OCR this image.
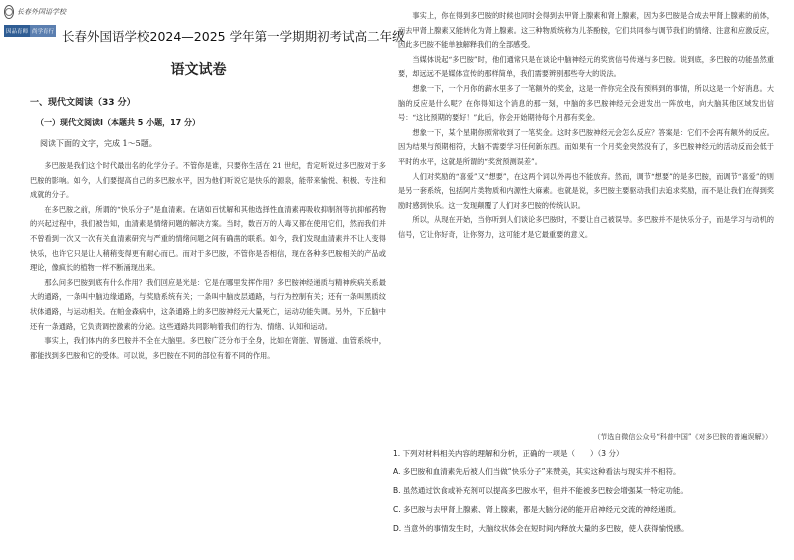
长春外国语学校
因品育师 尚学育行 长春外国语学校2024—2025 学年第一学期期初考试高二年级
语文试卷
一、现代文阅读（33 分）
（一）现代文阅读Ⅰ（本题共 5 小题，17 分）
阅读下面的文字，完成 1～5题。

多巴胺是我们这个时代最出名的化学分子。不管你是谁，只要你生活在 21 世纪，肯定听说过多巴胺对于多巴胺的影响。如今，人们要提高自己的多巴胺水平，因为他们听说它是快乐的源泉，能带来愉悦、积极、专注和成就的分子。

在多巴胺之前，所谓的“快乐分子”是血清素。在诸如百忧解和其他选择性血清素再吸收抑制剂等抗抑郁药物的兴起过程中，我们被告知，血清素是情绪问题的解决方案。当时，数百万的人毒又都在使用它们，然而我们并不曾看到一次又一次有关血清素研究与严重的情绪问题之间有确凿的联系。如今，我们发现血清素并不让人变得快乐，也许它只是让人稍稍变得更有耐心而已。而对于多巴胺，不管你是否相信，现在各种多巴胺相关的产品或理论，像疯长的植物一样不断涌现出来。

那么问多巴胺到底有什么作用？我们回应是光是：它是在哪里发挥作用？多巴胺神经递质与精神疾病关系最大的通路，一条叫中脑边缘通路，与奖励系统有关；一条叫中脑皮层通路，与行为控制有关；还有一条叫黑质纹状体通路，与运动相关。在帕金森病中，这条通路上的多巴胺神经元大量死亡，运动功能失调。另外，下丘脑中还有一条通路，它负责调控激素的分泌。这些通路共同影响着我们的行为、情绪、认知和运动。

事实上，我们体内的多巴胺并不全在大脑里。多巴胺广泛分布于全身，比如在肾脏、胃肠道、血管系统中，都能找到多巴胺和它的受体。可以说，多巴胺在不同的部位有着不同的作用。

事实上，你在得到多巴胺的时候也同时会得到去甲肾上腺素和肾上腺素，因为多巴胺是合成去甲肾上腺素的前体，而去甲肾上腺素又能转化为肾上腺素。这三种物质统称为儿茶酚胺，它们共同参与调节我们的情绪、注意和应激反应，因此多巴胺不能单独解释我们的全部感受。

当媒体说起“多巴胺”时，他们通常只是在谈论中脑神经元的奖赏信号传递与多巴胺。说到底，多巴胺的功能虽然重要，却远远不是媒体宣传的那样简单，我们需要辨别那些夸大的说法。

想象一下，一个月你的薪水里多了一笔额外的奖金，这是一件你完全没有预料到的事情，所以这是一个好消息。大脑的反应是什么呢？在你得知这个消息的那一刻，中脑的多巴胺神经元会迸发出一阵放电，向大脑其他区域发出信号：“这比预期的要好！”此后，你会开始期待每个月都有奖金。

想象一下，某个星期你照常收到了一笔奖金。这时多巴胺神经元会怎么反应？答案是：它们不会再有额外的反应。因为结果与预期相符，大脑不需要学习任何新东西。而如果有一个月奖金突然没有了，多巴胺神经元的活动反而会低于平时的水平，这就是所谓的“奖赏预测误差”。

人们对奖励的“喜爱”又“想要”，在这两个词以外再也不能放弃。然而，调节“想要”的是多巴胺，而调节“喜爱”的则是另一套系统，包括阿片类物质和内源性大麻素。也就是说，多巴胺主要驱动我们去追求奖励，而不是让我们在得到奖励时感到快乐。这一发现颠覆了人们对多巴胺的传统认识。

所以，从现在开始，当你听到人们谈论多巴胺时，不要让自己被误导。多巴胺并不是快乐分子，而是学习与动机的信号，它让你好奇，让你努力，这可能才是它最重要的意义。

（节选自微信公众号“科普中国”《对多巴胺的普遍误解》）
1. 下列对材料相关内容的理解和分析，正确的一项是（　　）（3 分）
A. 多巴胺和血清素先后被人们当做“快乐分子”来赞美，其实这种看法与现实并不相符。
B. 虽然通过饮食或补充剂可以提高多巴胺水平，但并不能被多巴胺会增强某一特定功能。
C. 多巴胺与去甲肾上腺素、肾上腺素，都是大脑分泌的能开启神经元交流的神经递质。
D. 当意外的事情发生时，大脑纹状体会在短时间内释放大量的多巴胺，使人获得愉悦感。
